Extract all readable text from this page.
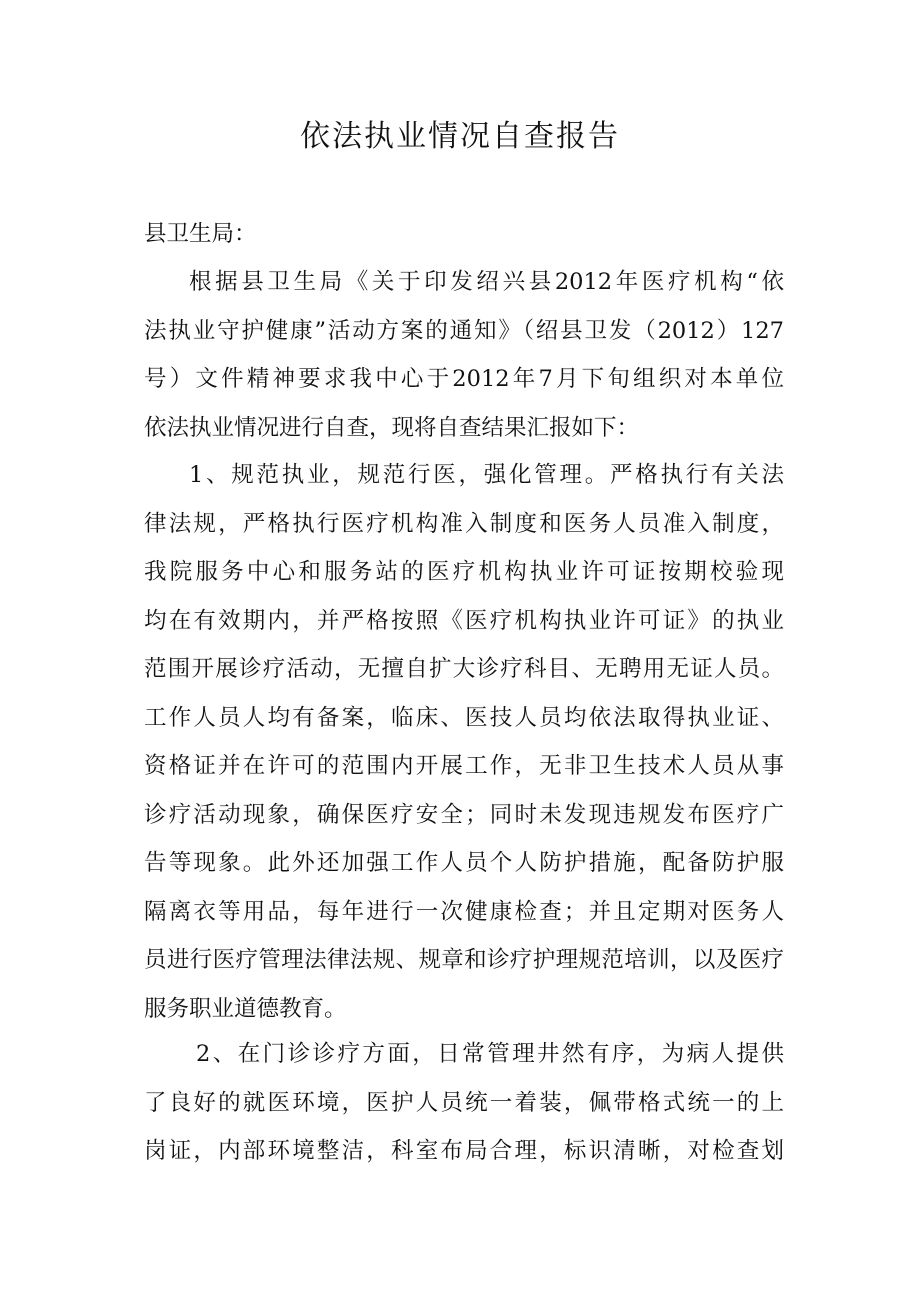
依法执业情况自查报告
县卫生局：
根据县卫生局《关于印发绍兴县2012年医疗机构“依
法执业守护健康”活动方案的通知》（绍县卫发（2012）127
号）文件精神要求我中心于2012年7月下旬组织对本单位
依法执业情况进行自查，现将自查结果汇报如下：
1、规范执业，规范行医，强化管理。严格执行有关法
律法规，严格执行医疗机构准入制度和医务人员准入制度，
我院服务中心和服务站的医疗机构执业许可证按期校验现
均在有效期内，并严格按照《医疗机构执业许可证》的执业
范围开展诊疗活动，无擅自扩大诊疗科目、无聘用无证人员。
工作人员人均有备案，临床、医技人员均依法取得执业证、
资格证并在许可的范围内开展工作，无非卫生技术人员从事
诊疗活动现象，确保医疗安全；同时未发现违规发布医疗广
告等现象。此外还加强工作人员个人防护措施，配备防护服
隔离衣等用品，每年进行一次健康检查；并且定期对医务人
员进行医疗管理法律法规、规章和诊疗护理规范培训，以及医疗
服务职业道德教育。
2、在门诊诊疗方面，日常管理井然有序，为病人提供
了良好的就医环境，医护人员统一着装，佩带格式统一的上
岗证，内部环境整洁，科室布局合理，标识清晰，对检查划
